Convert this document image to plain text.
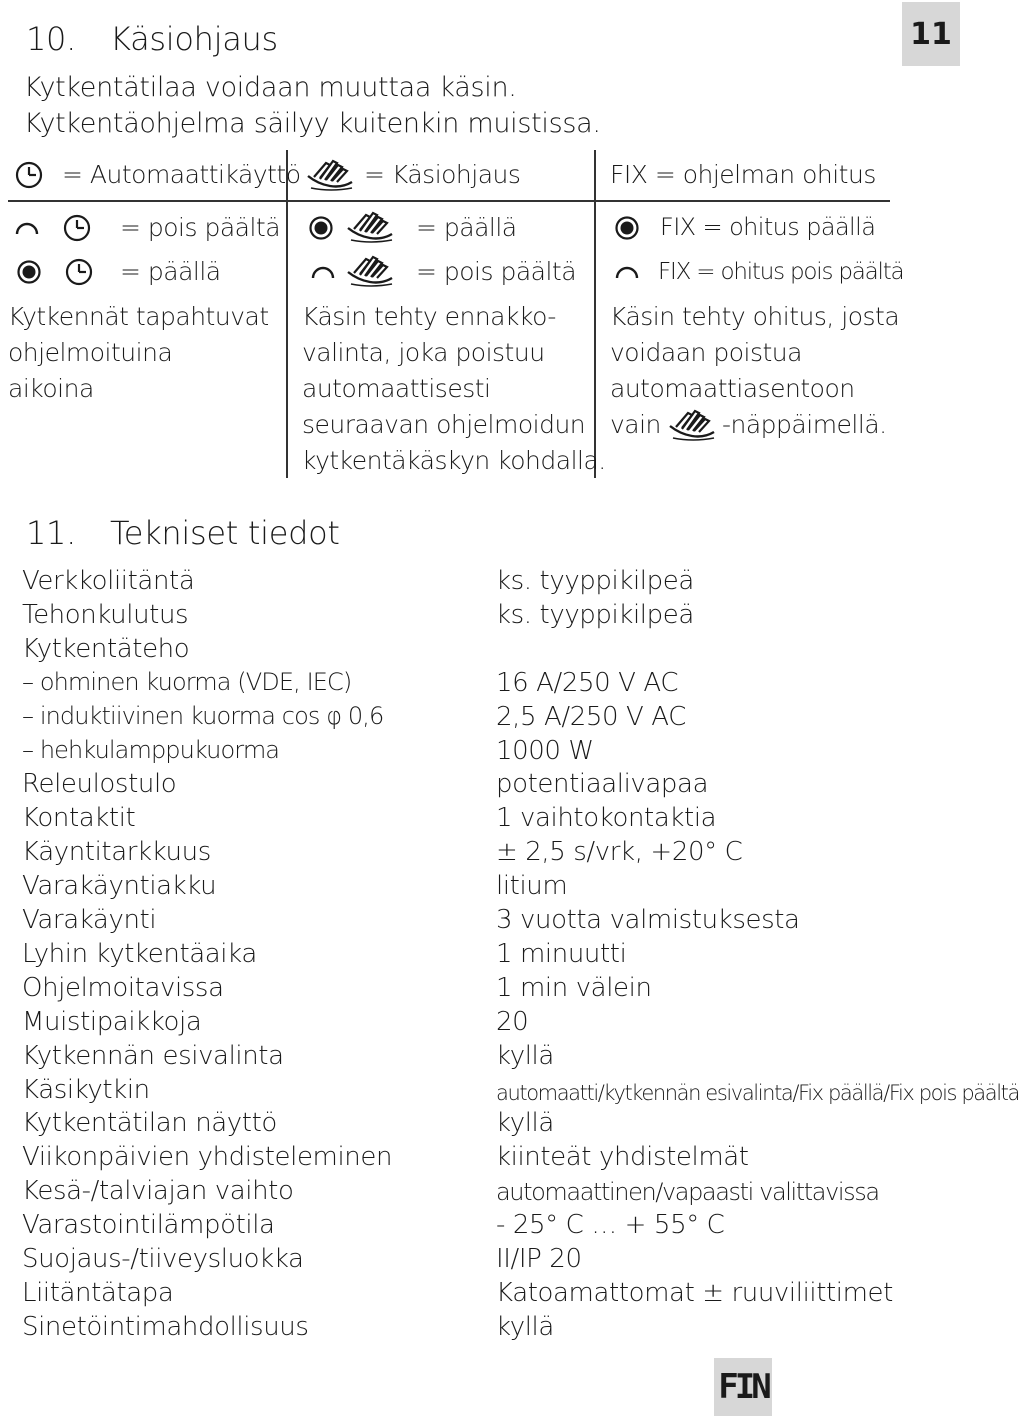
11
10. Käsiohjaus
Kytkentätilaa voidaan muuttaa käsin.
Kytkentäohjelma säilyy kuitenkin muistissa.
= Automaattikäyttö
= pois päältä
= päällä
Kytkennät tapahtuvat
ohjelmoituina
aikoina
= Käsiohjaus
= päällä
= pois päältä
Käsin tehty ennakko-
valinta, joka poistuu
automaattisesti
seuraavan ohjelmoidun
kytkentäkäskyn kohdalla.
FIX = ohjelman ohitus
FIX = ohitus päällä
FIX = ohitus pois päältä
Käsin tehty ohitus, josta
voidaan poistua
automaattiasentoon
vain -näppäimellä.
11. Tekniset tiedot
Verkkoliitäntä
Tehonkulutus
Kytkentäteho
– ohminen kuorma (VDE, IEC)
– induktiivinen kuorma cos φ 0,6
– hehkulamppukuorma
Releulostulo
Kontaktit
Käyntitarkkuus
Varakäyntiakku
Varakäynti
Lyhin kytkentäaika
Ohjelmoitavissa
Muistipaikkoja
Kytkennän esivalinta
Käsikytkin
Kytkentätilan näyttö
Viikonpäivien yhdisteleminen
Kesä-/talviajan vaihto
Varastointilämpötila
Suojaus-/tiiveysluokka
Liitäntätapa
Sinetöintimahdollisuus
ks. tyyppikilpeä
ks. tyyppikilpeä
16 A/250 V AC
2,5 A/250 V AC
1000 W
potentiaalivapaa
1 vaihtokontaktia
± 2,5 s/vrk, +20° C
litium
3 vuotta valmistuksesta
1 minuutti
1 min välein
20
kyllä
automaatti/kytkennän esivalinta/Fix päällä/Fix pois päältä
kyllä
kiinteät yhdistelmät
automaattinen/vapaasti valittavissa
- 25° C … + 55° C
II/IP 20
Katoamattomat ± ruuviliittimet
kyllä
FIN
